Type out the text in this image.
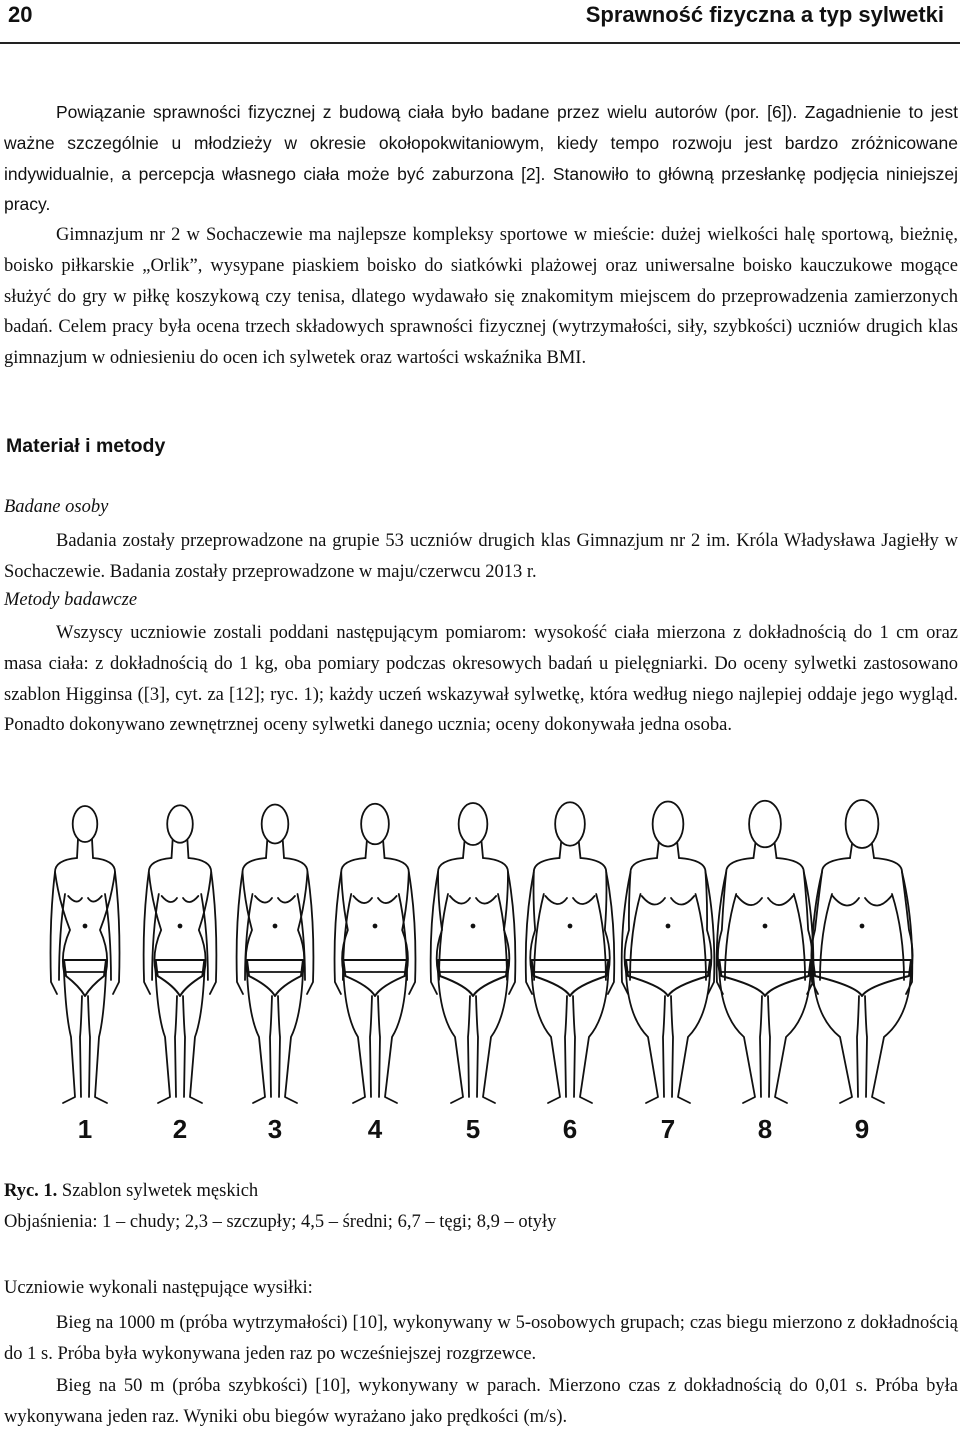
20	Sprawność fizyczna a typ sylwetki

Powiązanie sprawności fizycznej z budową ciała było badane przez wielu autorów (por. [6]). Zagadnienie to jest ważne szczególnie u młodzieży w okresie okołopokwitaniowym, kiedy tempo rozwoju jest bardzo zróżnicowane indywidualnie, a percepcja własnego ciała może być zaburzona [2]. Stanowiło to główną przesłankę podjęcia niniejszej pracy.

Gimnazjum nr 2 w Sochaczewie ma najlepsze kompleksy sportowe w mieście: dużej wielkości halę sportową, bieżnię, boisko piłkarskie „Orlik”, wysypane piaskiem boisko do siatkówki plażowej oraz uniwersalne boisko kauczukowe mogące służyć do gry w piłkę koszykową czy tenisa, dlatego wydawało się znakomitym miejscem do przeprowadzenia zamierzonych badań. Celem pracy była ocena trzech składowych sprawności fizycznej (wytrzymałości, siły, szybkości) uczniów drugich klas gimnazjum w odniesieniu do ocen ich sylwetek oraz wartości wskaźnika BMI.

Materiał i metody

Badane osoby

Badania zostały przeprowadzone na grupie 53 uczniów drugich klas Gimnazjum nr 2 im. Króla Władysława Jagiełły w Sochaczewie. Badania zostały przeprowadzone w maju/czerwcu 2013 r.

Metody badawcze

Wszyscy uczniowie zostali poddani następującym pomiarom: wysokość ciała mierzona z dokładnością do 1 cm oraz masa ciała: z dokładnością do 1 kg, oba pomiary podczas okresowych badań u pielęgniarki. Do oceny sylwetki zastosowano szablon Higginsa ([3], cyt. za [12]; ryc. 1); każdy uczeń wskazywał sylwetkę, która według niego najlepiej oddaje jego wygląd. Ponadto dokonywano zewnętrznej oceny sylwetki danego ucznia; oceny dokonywała jedna osoba.

1	2	3	4	5	6	7	8	9

Ryc. 1. Szablon sylwetek męskich

Objaśnienia: 1 – chudy; 2,3 – szczupły; 4,5 – średni; 6,7 – tęgi; 8,9 – otyły

Uczniowie wykonali następujące wysiłki:

Bieg na 1000 m (próba wytrzymałości) [10], wykonywany w 5-osobowych grupach; czas biegu mierzono z dokładnością do 1 s. Próba była wykonywana jeden raz po wcześniejszej rozgrzewce.

Bieg na 50 m (próba szybkości) [10], wykonywany w parach. Mierzono czas z dokładnością do 0,01 s. Próba była wykonywana jeden raz. Wyniki obu biegów wyrażano jako prędkości (m/s).
